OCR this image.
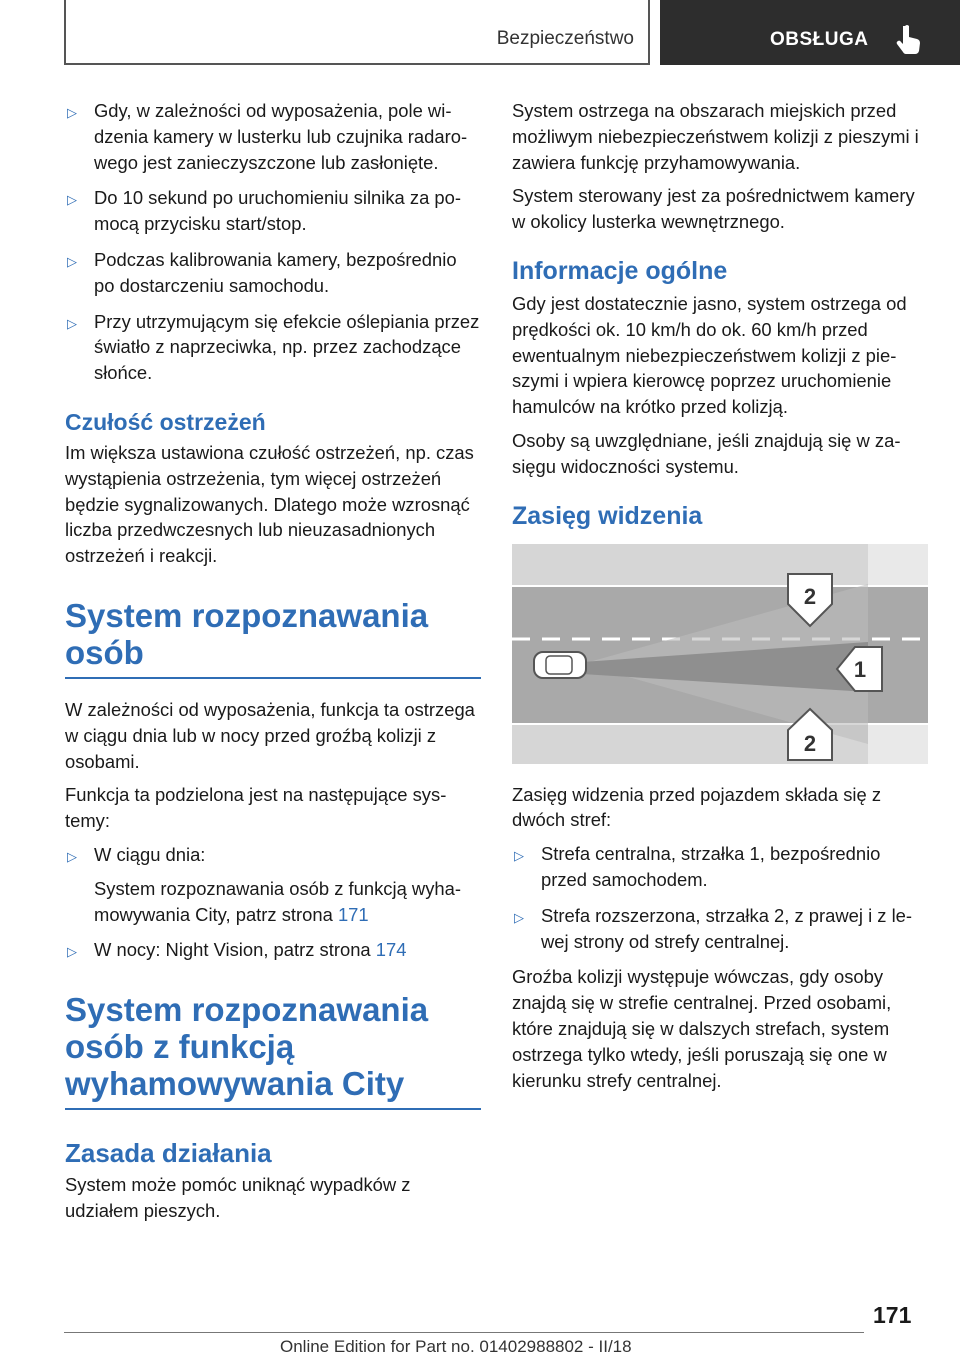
Bezpieczeństwo	OBSŁUGA
▷ Gdy, w zależności od wyposażenia, pole widzenia kamery w lusterku lub czujnika radarowego jest zanieczyszczone lub zasłonięte.
▷ Do 10 sekund po uruchomieniu silnika za pomocą przycisku start/stop.
▷ Podczas kalibrowania kamery, bezpośrednio po dostarczeniu samochodu.
▷ Przy utrzymującym się efekcie oślepiania przez światło z naprzeciwka, np. przez zachodzące słońce.
Czułość ostrzeżeń

Im większa ustawiona czułość ostrzeżeń, np. czas wystąpienia ostrzeżenia, tym więcej ostrzeżeń będzie sygnalizowanych. Dlatego może wzrosnąć liczba przedwczesnych lub nieuzasadnionych ostrzeżeń i reakcji.

System rozpoznawania osób

W zależności od wyposażenia, funkcja ta ostrzega w ciągu dnia lub w nocy przed groźbą kolizji z osobami.

Funkcja ta podzielona jest na następujące systemy:

▷ W ciągu dnia:
System rozpoznawania osób z funkcją wyhamowywania City, patrz strona 171
▷ W nocy: Night Vision, patrz strona 174
System rozpoznawania osób z funkcją wyhamowywania City
Zasada działania

System może pomóc uniknąć wypadków z udziałem pieszych.

System ostrzega na obszarach miejskich przed możliwym niebezpieczeństwem kolizji z pieszymi i zawiera funkcję przyhamowywania.

System sterowany jest za pośrednictwem kamery w okolicy lusterka wewnętrznego.

Informacje ogólne

Gdy jest dostatecznie jasno, system ostrzega od prędkości ok. 10 km/h do ok. 60 km/h przed ewentualnym niebezpieczeństwem kolizji z pieszymi i wpiera kierowcę poprzez uruchomienie hamulców na krótko przed kolizją.

Osoby są uwzględniane, jeśli znajdują się w zasięgu widoczności systemu.

Zasięg widzenia
2
1
2

Zasięg widzenia przed pojazdem składa się z dwóch stref:

▷ Strefa centralna, strzałka 1, bezpośrednio przed samochodem.
▷ Strefa rozszerzona, strzałka 2, z prawej i z lewej strony od strefy centralnej.

Groźba kolizji występuje wówczas, gdy osoby znajdą się w strefie centralnej. Przed osobami, które znajdują się w dalszych strefach, system ostrzega tylko wtedy, jeśli poruszają się one w kierunku strefy centralnej.

171
Online Edition for Part no. 01402988802 - II/18
